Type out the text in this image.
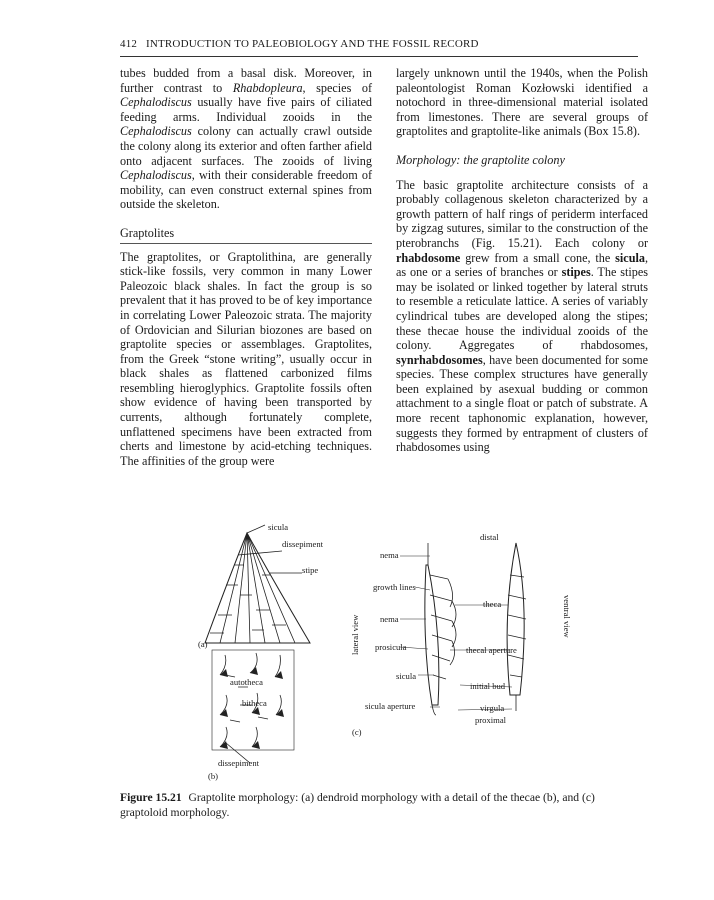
412 INTRODUCTION TO PALEOBIOLOGY AND THE FOSSIL RECORD

tubes budded from a basal disk. Moreover, in further contrast to Rhabdopleura, species of Cephalodiscus usually have five pairs of ciliated feeding arms. Individual zooids in the Cephalodiscus colony can actually crawl outside the colony along its exterior and often farther afield onto adjacent surfaces. The zooids of living Cephalodiscus, with their considerable freedom of mobility, can even construct external spines from outside the skeleton.

Graptolites

The graptolites, or Graptolithina, are generally stick-like fossils, very common in many Lower Paleozoic black shales. In fact the group is so prevalent that it has proved to be of key importance in correlating Lower Paleozoic strata. The majority of Ordovician and Silurian biozones are based on graptolite species or assemblages. Graptolites, from the Greek “stone writing”, usually occur in black shales as flattened carbonized films resembling hieroglyphics. Graptolite fossils often show evidence of having been transported by currents, although fortunately complete, unflattened specimens have been extracted from cherts and limestone by acid-etching techniques. The affinities of the group were

largely unknown until the 1940s, when the Polish paleontologist Roman Kozłowski identified a notochord in three-dimensional material isolated from limestones. There are several groups of graptolites and graptolite-like animals (Box 15.8).

Morphology: the graptolite colony

The basic graptolite architecture consists of a probably collagenous skeleton characterized by a growth pattern of half rings of periderm interfaced by zigzag sutures, similar to the construction of the pterobranchs (Fig. 15.21). Each colony or rhabdosome grew from a small cone, the sicula, as one or a series of branches or stipes. The stipes may be isolated or linked together by lateral struts to resemble a reticulate lattice. A series of variably cylindrical tubes are developed along the stipes; these thecae house the individual zooids of the colony. Aggregates of rhabdosomes, synrhabdosomes, have been documented for some species. These complex structures have generally been explained by asexual budding or common attachment to a single float or patch of substrate. A more recent taphonomic explanation, however, suggests they formed by entrapment of clusters of rhabdosomes using

sicula
dissepiment
stipe
(a)
autotheca
bitheca
dissepiment
(b)
distal
nema
growth lines
theca
nema
prosicula	thecal aperture
sicula
initial bud
sicula aperture	virgula
proximal
(c)
lateral view	ventral view
Figure 15.21 Graptolite morphology: (a) dendroid morphology with a detail of the thecae (b), and (c) graptoloid morphology.
